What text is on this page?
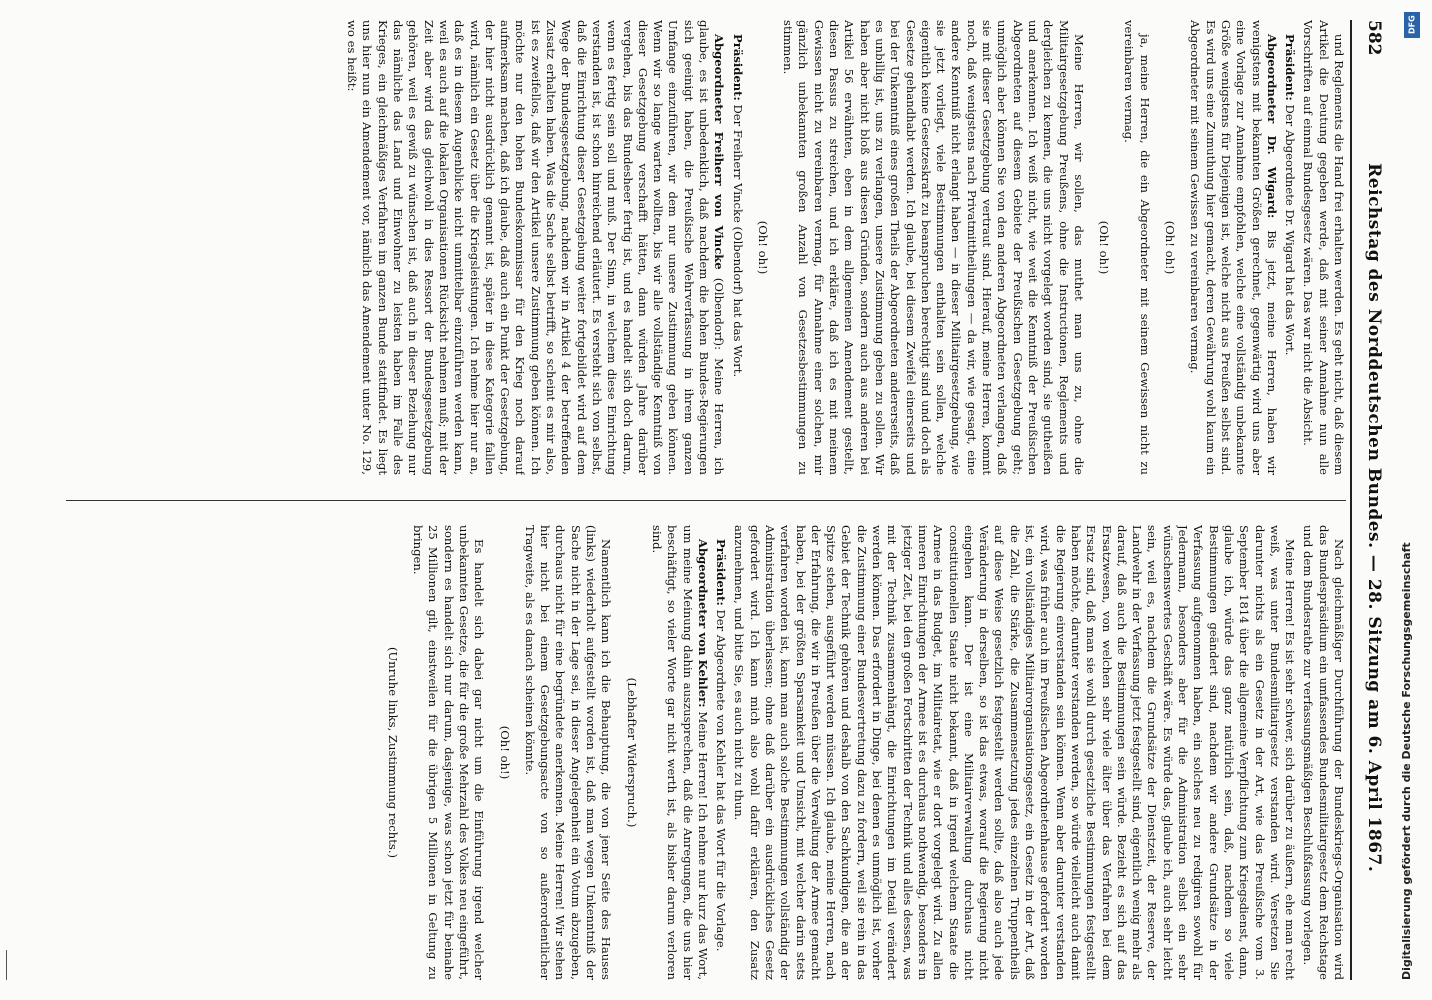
582
Reichstag des Norddeutschen Bundes. — 28. Sitzung am 6. April 1867.

und Reglements die Hand frei erhalten werden. Es geht nicht, daß diesem Artikel die Deutung gegeben werde, daß mit seiner Annahme nun alle Vorschriften auf einmal Bundesgesetz wären. Das war nicht die Absicht.

Präsident: Der Abgeordnete Dr. Wigard hat das Wort.

Abgeordneter Dr. Wigard: Bis jetzt, meine Herren, haben wir wenigstens mit bekannten Größen gerechnet, gegenwärtig wird uns aber eine Vorlage zur Annahme empfohlen, welche eine vollständig unbekannte Größe wenigstens für Diejenigen ist, welche nicht aus Preußen selbst sind. Es wird uns eine Zumuthung hier gemacht, deren Gewährung wohl kaum ein Abgeordneter mit seinem Gewissen zu vereinbaren vermag.

(Oh! oh!)

ja, meine Herren, die ein Abgeordneter mit seinem Gewissen nicht zu vereinbaren vermag.

(Oh! oh!)

Meine Herren, wir sollen, das muthet man uns zu, ohne die Militairgesetzgebung Preußens, ohne die Instructionen, Reglements und dergleichen zu kennen, die uns nicht vorgelegt worden sind, sie gutheißen und anerkennen. Ich weiß nicht, wie weit die Kenntniß der Preußischen Abgeordneten auf diesem Gebiete der Preußischen Gesetzgebung geht; unmöglich aber können Sie von den anderen Abgeordneten verlangen, daß sie mit dieser Gesetzgebung vertraut sind. Hierauf, meine Herren, kommt noch, daß wenigstens nach Privatmittheilungen — da wir, wie gesagt, eine andere Kenntniß nicht erlangt haben — in dieser Militairgesetzgebung, wie sie jetzt vorliegt, viele Bestimmungen enthalten sein sollen, welche eigentlich keine Gesetzeskraft zu beanspruchen berechtigt sind und doch als Gesetze gehandhabt werden. Ich glaube, bei diesem Zweifel einerseits und bei der Unkenntniß eines großen Theils der Abgeordneten andererseits, daß es unbillig ist, uns zu verlangen, unsere Zustimmung geben zu sollen. Wir haben aber nicht bloß aus diesen Gründen, sondern auch aus anderen bei Artikel 56 erwähnten, eben in dem allgemeinen Amendement gestellt, diesen Passus zu streichen, und ich erkläre, daß ich es mit meinem Gewissen nicht zu vereinbaren vermag, für Annahme einer solchen, mir gänzlich unbekannten großen Anzahl von Gesetzesbestimmungen zu stimmen.

(Oh! oh!)

Präsident: Der Freiherr Vincke (Olbendorf) hat das Wort.

Abgeordneter Freiherr von Vincke (Olbendorf): Meine Herren, ich glaube, es ist unbedenklich, daß nachdem die hohen Bundes-Regierungen sich geeinigt haben, die Preußische Wehrverfassung in ihrem ganzen Umfange einzuführen, wir dem nur unsere Zustimmung geben können. Wenn wir so lange warten wollten, bis wir alle vollständige Kenntniß von dieser Gesetzgebung verschafft hätten, dann würden Jahre darüber vergehen, bis das Bundesheer fertig ist, und es handelt sich doch darum, wenn es fertig sein soll und muß. Der Sinn, in welchem diese Einrichtung verstanden ist, ist schon hinreichend erläutert. Es versteht sich von selbst, daß die Einrichtung dieser Gesetzgebung weiter fortgebildet wird auf dem Wege der Bundesgesetzgebung, nachdem wir in Artikel 4 der betreffenden Zusatz erhalten haben. Was die Sache selbst betrifft, so scheint es mir also, ist es zweifellos, daß wir den Artikel unsere Zustimmung geben können. Ich möchte nur den hohen Bundeskommissar für den Krieg noch darauf aufmerksam machen, daß ich glaube, daß auch ein Punkt der Gesetzgebung, der hier nicht ausdrücklich genannt ist, später in diese Kategorie fallen wird, nämlich ein Gesetz über die Kriegsleistungen. Ich nehme hier nur an, daß es in diesem Augenblicke nicht unmittelbar einzuführen werden kann, weil es auch auf die lokalen Organisationen Rücksicht nehmen muß; mit der Zeit aber wird das gleichwohl in dies Ressort der Bundesgesetzgebung gehören, weil es gewiß zu wünschen ist, daß auch in dieser Beziehung nur das nämliche das Land und Einwohner zu leisten haben im Falle des Krieges, ein gleichmäßiges Verfahren im ganzen Bunde stattfindet. Es liegt uns hier nun ein Amendement vor, nämlich das Amendement unter No. 129, wo es heißt:

Nach gleichmäßiger Durchführung der Bundeskriegs-Organisation wird das Bundespräsidium ein umfassendes Bundesmilitairgesetz dem Reichstage und dem Bundesrathe zur verfassungsmäßigen Beschlußfassung vorlegen.

Meine Herren! Es ist sehr schwer, sich darüber zu äußern, ehe man recht weiß, was unter Bundesmilitairgesetz verstanden wird. Versetzen Sie darunter nichts als ein Gesetz in der Art, wie das Preußische vom 3. September 1814 über die allgemeine Verpflichtung zum Kriegsdienst, dann, glaube ich, würde das ganz natürlich sein, daß, nachdem so viele Bestimmungen geändert sind, nachdem wir andere Grundsätze in der Verfassung aufgenommen haben, ein solches neu zu redigiren sowohl für Jedermann, besonders aber für die Administration selbst ein sehr wünschenswertes Geschäft wäre. Es würde das, glaube ich, auch sehr leicht sein, weil es, nachdem die Grundsätze der Dienstzeit, der Reserve, der Landwehr in der Verfassung jetzt festgestellt sind, eigentlich wenig mehr als darauf, daß auch die Bestimmungen sein würde. Bezieht es sich auf das Ersatzwesen, von welchen sehr viele älter über das Verfahren bei dem Ersatz sind, daß man sie wohl durch gesetzliche Bestimmungen festgestellt haben möchte, darunter verstanden werden, so würde vielleicht auch damit die Regierung einverstanden sein können. Wenn aber darunter verstanden wird, was früher auch im Preußischen Abgeordnetenhause gefordert worden ist, ein vollständiges Militairorganisationsgesetz, ein Gesetz in der Art, daß die Zahl, die Stärke, die Zusammensetzung jedes einzelnen Truppentheils auf diese Weise gesetzlich festgestellt werden sollte, daß also auch jede Veränderung in derselben, so ist das etwas, worauf die Regierung nicht eingehen kann. Der ist eine Militairverwaltung durchaus nicht constitutionellen Staate nicht bekannt, daß in irgend welchem Staate die Armee in das Budget, im Militairetat, wie er dort vorgelegt wird. Zu allen inneren Einrichtungen der Armee ist es durchaus nothwendig, besonders in jetziger Zeit, bei den großen Fortschritten der Technik und alles dessen, was mit der Technik zusammenhängt, die Einrichtungen im Detail verändert werden können. Das erfordert in Dinge, bei denen es unmöglich ist, vorher die Zustimmung einer Bundesvertretung dazu zu fordern, weil sie rein in das Gebiet der Technik gehören und deshalb von den Sachkundigen, die an der Spitze stehen, ausgeführt werden müssen. Ich glaube, meine Herren, nach der Erfahrung, die wir in Preußen über die Verwaltung der Armee gemacht haben, bei der größten Sparsamkeit und Umsicht, mit welcher darin stets verfahren worden ist, kann man auch solche Bestimmungen vollständig der Administration überlassen; ohne daß darüber ein ausdrückliches Gesetz gefordert wird. Ich kann mich also wohl dafür erklären, den Zusatz anzunehmen, und bitte Sie, es auch nicht zu thun.

Präsident: Der Abgeordnete von Kehler hat das Wort für die Vorlage.

Abgeordneter von Kehler: Meine Herren! Ich nehme nur kurz das Wort, um meine Meinung dahin auszusprechen, daß die Anregungen, die uns hier beschäftigt, so vieler Worte gar nicht werth ist, als bisher darum verloren sind.

(Lebhafter Widerspruch.)

Namentlich kann ich die Behauptung, die von jener Seite des Hauses (links) wiederholt aufgestellt worden ist, daß man wegen Unkenntniß der Sache nicht in der Lage sei, in dieser Angelegenheit ein Votum abzugeben, durchaus nicht für eine begründete anerkennen. Meine Herren! Wir stehen hier nicht bei einem Gesetzgebungsacte von so außerordentlicher Tragweite, als es danach scheinen könnte.

(Oh! oh!)

Es handelt sich dabei gar nicht um die Einführung irgend welcher unbekannten Gesetze, die für die große Mehrzahl des Volkes neu eingeführt, sondern es handelt sich nur darum, dasjenige, was schon jetzt für beinahe 25 Millionen gilt, einstweilen für die übrigen 5 Millionen in Geltung zu bringen.

(Unruhe links, Zustimmung rechts.)

DFG
Digitalisierung gefördert durch die Deutsche Forschungsgemeinschaft
